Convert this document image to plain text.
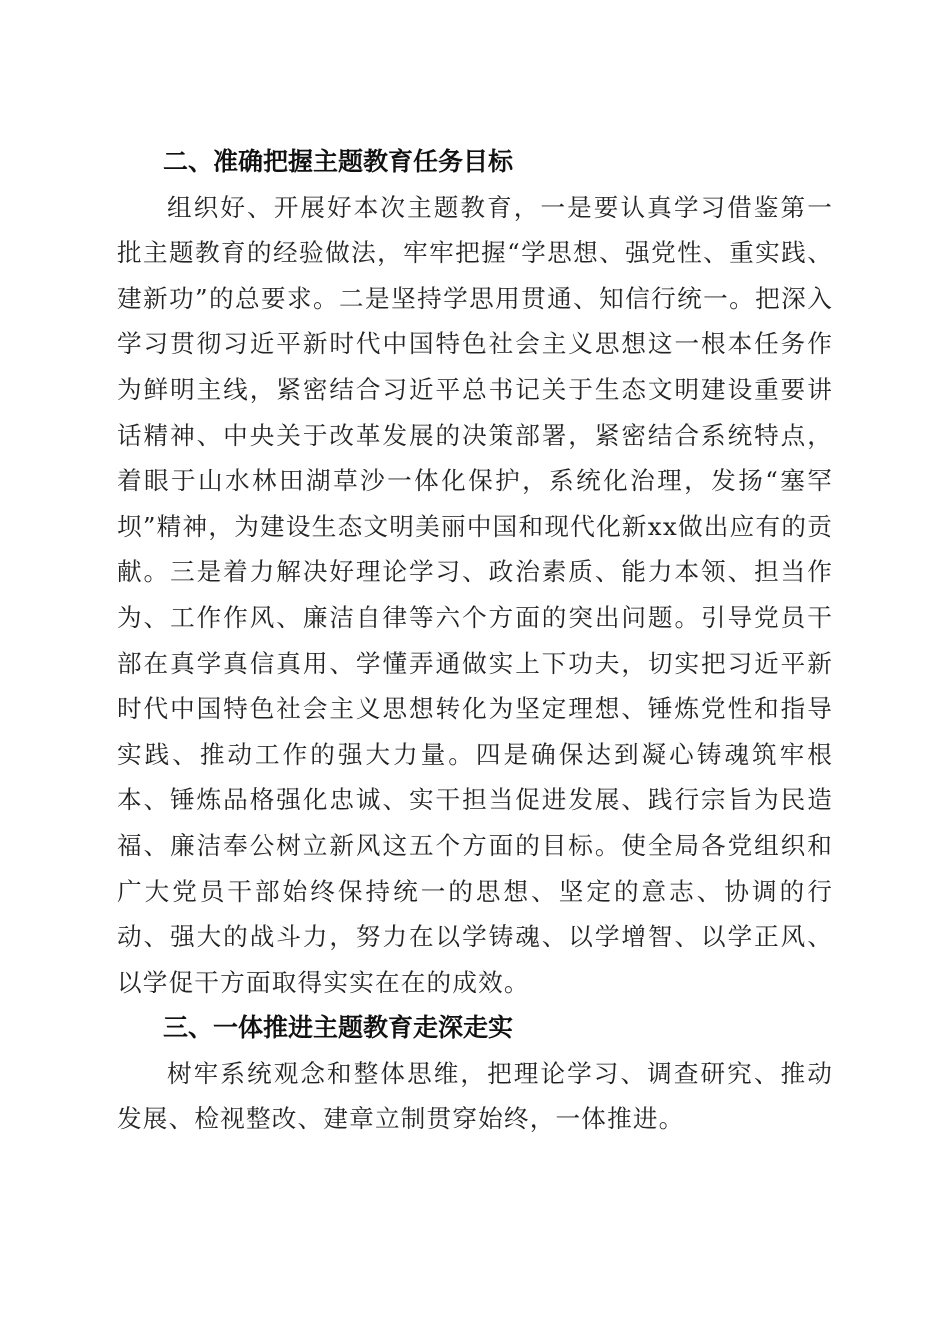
二、准确把握主题教育任务目标

组织好、开展好本次主题教育，一是要认真学习借鉴第一批主题教育的经验做法，牢牢把握“学思想、强党性、重实践、建新功”的总要求。二是坚持学思用贯通、知信行统一。把深入学习贯彻习近平新时代中国特色社会主义思想这一根本任务作为鲜明主线，紧密结合习近平总书记关于生态文明建设重要讲话精神、中央关于改革发展的决策部署，紧密结合系统特点，着眼于山水林田湖草沙一体化保护，系统化治理，发扬“塞罕坝”精神，为建设生态文明美丽中国和现代化新xx做出应有的贡献。三是着力解决好理论学习、政治素质、能力本领、担当作为、工作作风、廉洁自律等六个方面的突出问题。引导党员干部在真学真信真用、学懂弄通做实上下功夫，切实把习近平新时代中国特色社会主义思想转化为坚定理想、锤炼党性和指导实践、推动工作的强大力量。四是确保达到凝心铸魂筑牢根本、锤炼品格强化忠诚、实干担当促进发展、践行宗旨为民造福、廉洁奉公树立新风这五个方面的目标。使全局各党组织和广大党员干部始终保持统一的思想、坚定的意志、协调的行动、强大的战斗力，努力在以学铸魂、以学增智、以学正风、以学促干方面取得实实在在的成效。

三、一体推进主题教育走深走实

树牢系统观念和整体思维，把理论学习、调查研究、推动发展、检视整改、建章立制贯穿始终，一体推进。
